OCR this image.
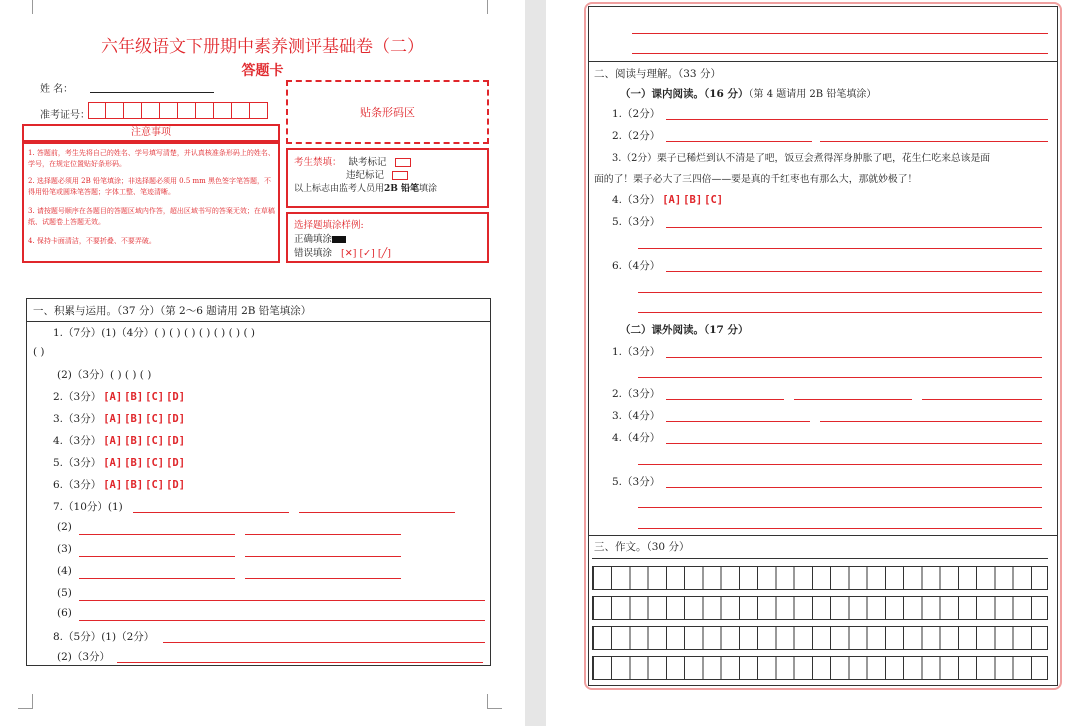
六年级语文下册期中素养测评基础卷（二）
答题卡
姓 名：
准考证号：	贴条形码区
注意事项
1. 答题前，考生先将自己的姓名、学号填写清楚，并认真核准条形码上的姓名、学号，在规定位置贴好条形码。
2. 选择题必须用 2B 铅笔填涂；非选择题必须用 0.5 mm 黑色签字笔答题，不得用铅笔或圆珠笔答题；字体工整、笔迹清晰。
3. 请按题号顺序在各题目的答题区域内作答，超出区域书写的答案无效；在草稿纸、试题卷上答题无效。
4. 保持卡面清洁，不要折叠、不要弄破。
考生禁填： 缺考标记
违纪标记
以上标志由监考人员用2B 铅笔填涂
选择题填涂样例:
正确填涂
错误填涂 [✕] [✓] [╱]
一、积累与运用。（37 分）（第 2～6 题请用 2B 铅笔填涂）
1.（7分）(1)（4分）( ) ( ) ( ) ( ) ( ) ( ) ( )
( )
(2)（3分）( ) ( ) ( )
2.（3分） [A] [B] [C] [D]
3.（3分） [A] [B] [C] [D]
4.（3分） [A] [B] [C] [D]
5.（3分） [A] [B] [C] [D]
6.（3分） [A] [B] [C] [D]
7.（10分）(1)
(2)
(3)
(4)
(5)
(6)
8.（5分）(1)（2分）
(2)（3分）
二、阅读与理解。（33 分）
（一）课内阅读。（16 分）（第 4 题请用 2B 铅笔填涂）
1.（2分）
2.（2分）
3.（2分）栗子已稀烂到认不清是了吧，饭豆会煮得浑身肿胀了吧，花生仁吃来总该是面
面的了！栗子必大了三四倍——要是真的千红枣也有那么大，那就妙极了！
4.（3分） [A] [B] [C]
5.（3分）
6.（4分）
（二）课外阅读。（17 分）
1.（3分）
2.（3分）
3.（4分）
4.（4分）
5.（3分）
三、作文。（30 分）
